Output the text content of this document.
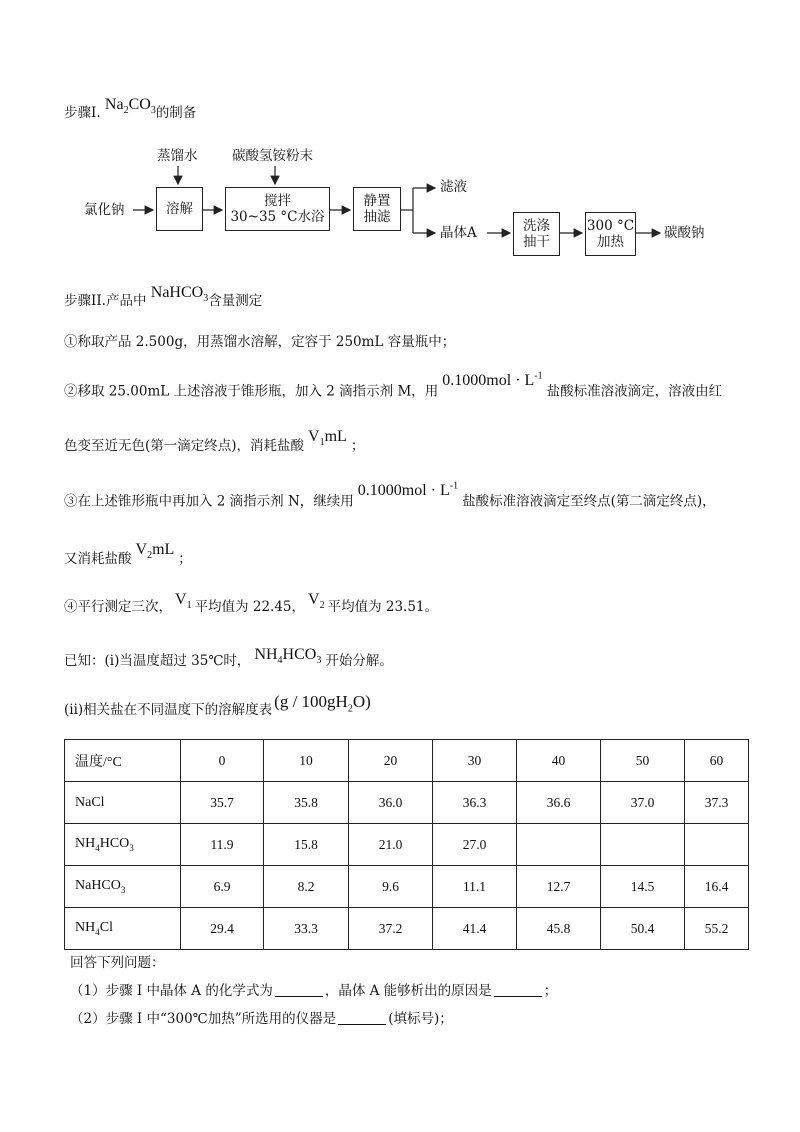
步骤I. $Na_2CO_3$的制备
蒸馏水	碳酸氢铵粉末
氯化钠	溶解	搅拌
30~35 °C水浴
静置
抽滤
滤液
晶体A	洗涤
抽干
300 °C
加热
碳酸钠
步骤II.产品中 NaHCO$_3$含量测定
①称取产品 2.500g，用蒸馏水溶解，定容于 250mL 容量瓶中；
②移取 25.00mL 上述溶液于锥形瓶，加入 2 滴指示剂 M，用$0.1000mol \cdot L^{-1}$盐酸标准溶液滴定，溶液由红
色变至近无色(第一滴定终点)，消耗盐酸$V_1mL$；
③在上述锥形瓶中再加入 2 滴指示剂 N，继续用$0.1000mol \cdot L^{-1}$盐酸标准溶液滴定至终点(第二滴定终点)，
又消耗盐酸$V_2mL$；
④平行测定三次， $V_1$ 平均值为 22.45， $V_2$ 平均值为 23.51。
已知：(i)当温度超过 35℃时， $NH_4HCO_3$ 开始分解。
(ii)相关盐在不同温度下的溶解度表 $(g / 100gH_2O)$
温度/°C	0	10	20	30	40	50	60
NaCl	35.7	35.8	36.0	36.3	36.6	37.0	37.3
$NH_4HCO_3$	11.9	15.8	21.0	27.0			
NaHCO$_3$	6.9	8.2	9.6	11.1	12.7	14.5	16.4
$NH_4Cl$	29.4	33.3	37.2	41.4	45.8	50.4	55.2
回答下列问题：
（1）步骤 I 中晶体 A 的化学式为	，晶体 A 能够析出的原因是	；
（2）步骤 I 中“300℃加热”所选用的仪器是	(填标号)；
